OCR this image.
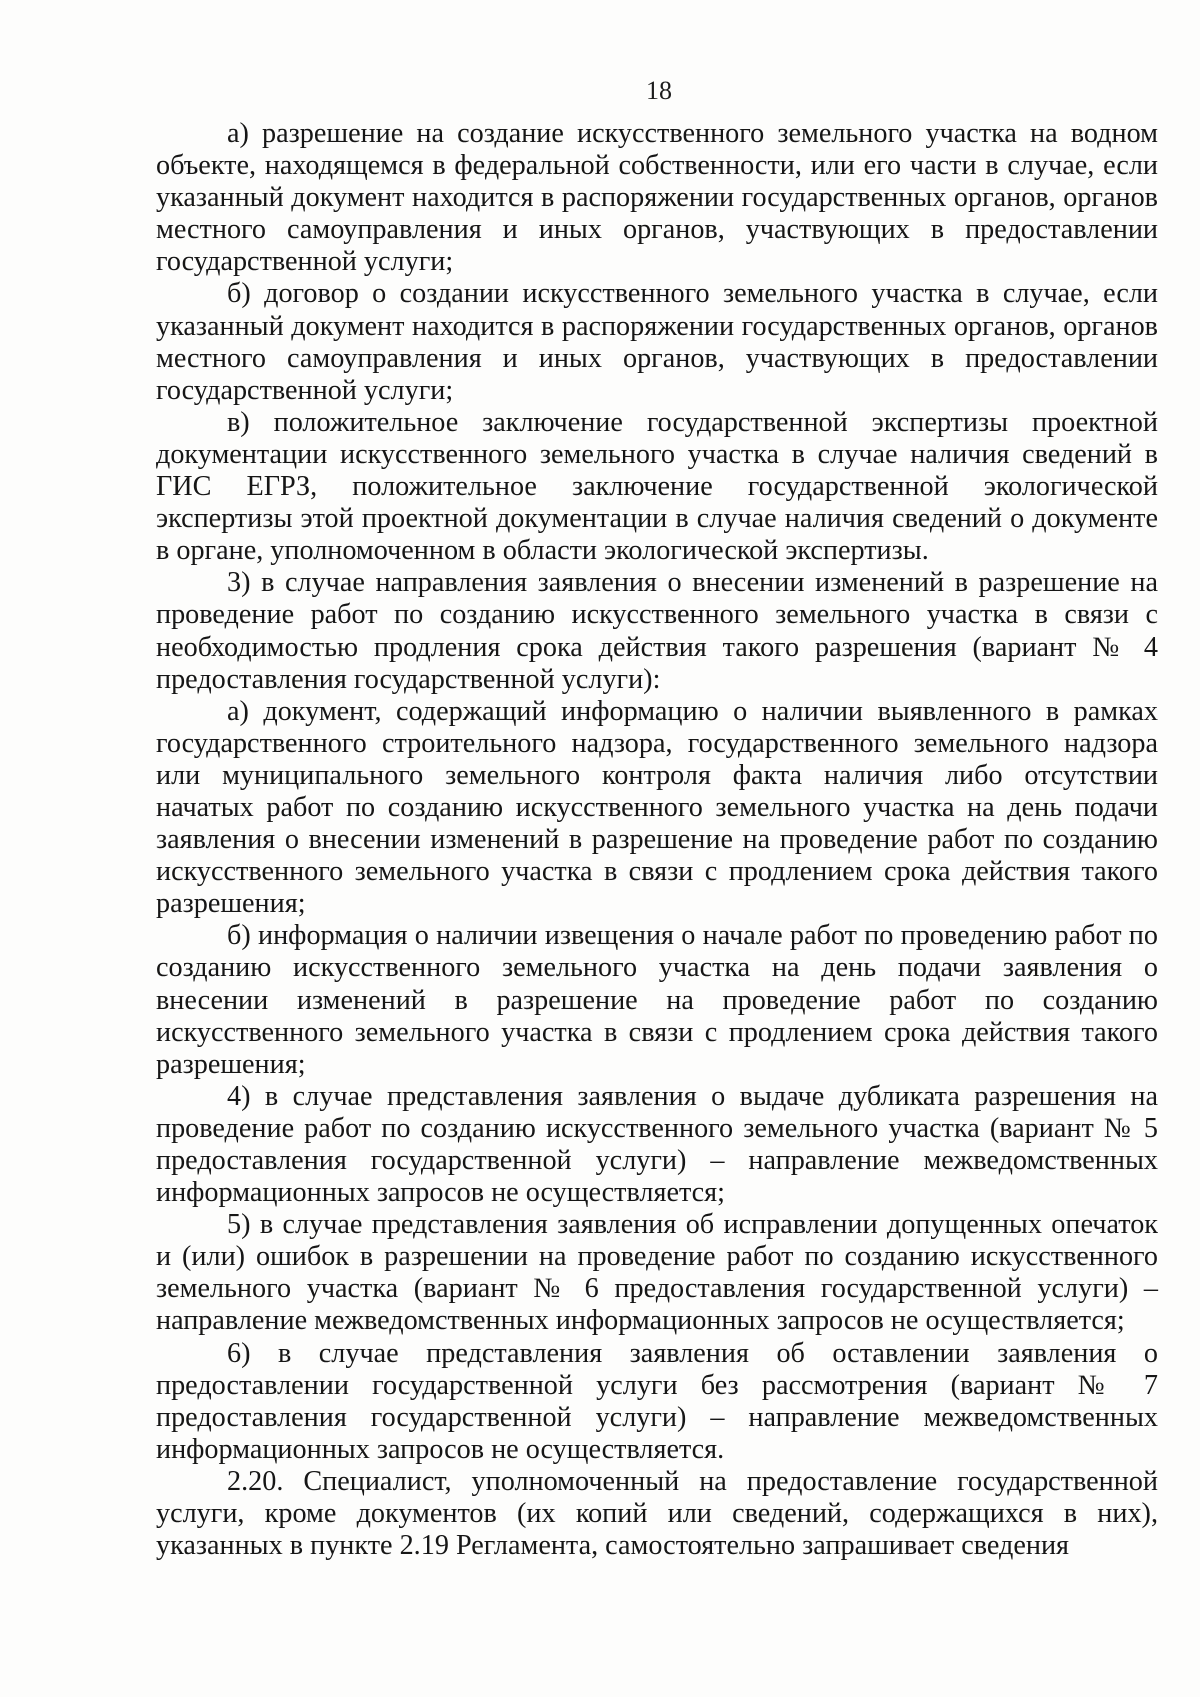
18

а) разрешение на создание искусственного земельного участка на водном объекте, находящемся в федеральной собственности, или его части в случае, если указанный документ находится в распоряжении государственных органов, органов местного самоуправления и иных органов, участвующих в предоставлении государственной услуги;

б) договор о создании искусственного земельного участка в случае, если указанный документ находится в распоряжении государственных органов, органов местного самоуправления и иных органов, участвующих в предоставлении государственной услуги;

в) положительное заключение государственной экспертизы проектной документации искусственного земельного участка в случае наличия сведений в ГИС ЕГРЗ, положительное заключение государственной экологической экспертизы этой проектной документации в случае наличия сведений о документе в органе, уполномоченном в области экологической экспертизы.

3) в случае направления заявления о внесении изменений в разрешение на проведение работ по созданию искусственного земельного участка в связи с необходимостью продления срока действия такого разрешения (вариант № 4 предоставления государственной услуги):

а) документ, содержащий информацию о наличии выявленного в рамках государственного строительного надзора, государственного земельного надзора или муниципального земельного контроля факта наличия либо отсутствии начатых работ по созданию искусственного земельного участка на день подачи заявления о внесении изменений в разрешение на проведение работ по созданию искусственного земельного участка в связи с продлением срока действия такого разрешения;

б) информация о наличии извещения о начале работ по проведению работ по созданию искусственного земельного участка на день подачи заявления о внесении изменений в разрешение на проведение работ по созданию искусственного земельного участка в связи с продлением срока действия такого разрешения;

4) в случае представления заявления о выдаче дубликата разрешения на проведение работ по созданию искусственного земельного участка (вариант № 5 предоставления государственной услуги) – направление межведомственных информационных запросов не осуществляется;

5) в случае представления заявления об исправлении допущенных опечаток и (или) ошибок в разрешении на проведение работ по созданию искусственного земельного участка (вариант № 6 предоставления государственной услуги) – направление межведомственных информационных запросов не осуществляется;

6) в случае представления заявления об оставлении заявления о предоставлении государственной услуги без рассмотрения (вариант № 7 предоставления государственной услуги) – направление межведомственных информационных запросов не осуществляется.

2.20. Специалист, уполномоченный на предоставление государственной услуги, кроме документов (их копий или сведений, содержащихся в них), указанных в пункте 2.19 Регламента, самостоятельно запрашивает сведения
